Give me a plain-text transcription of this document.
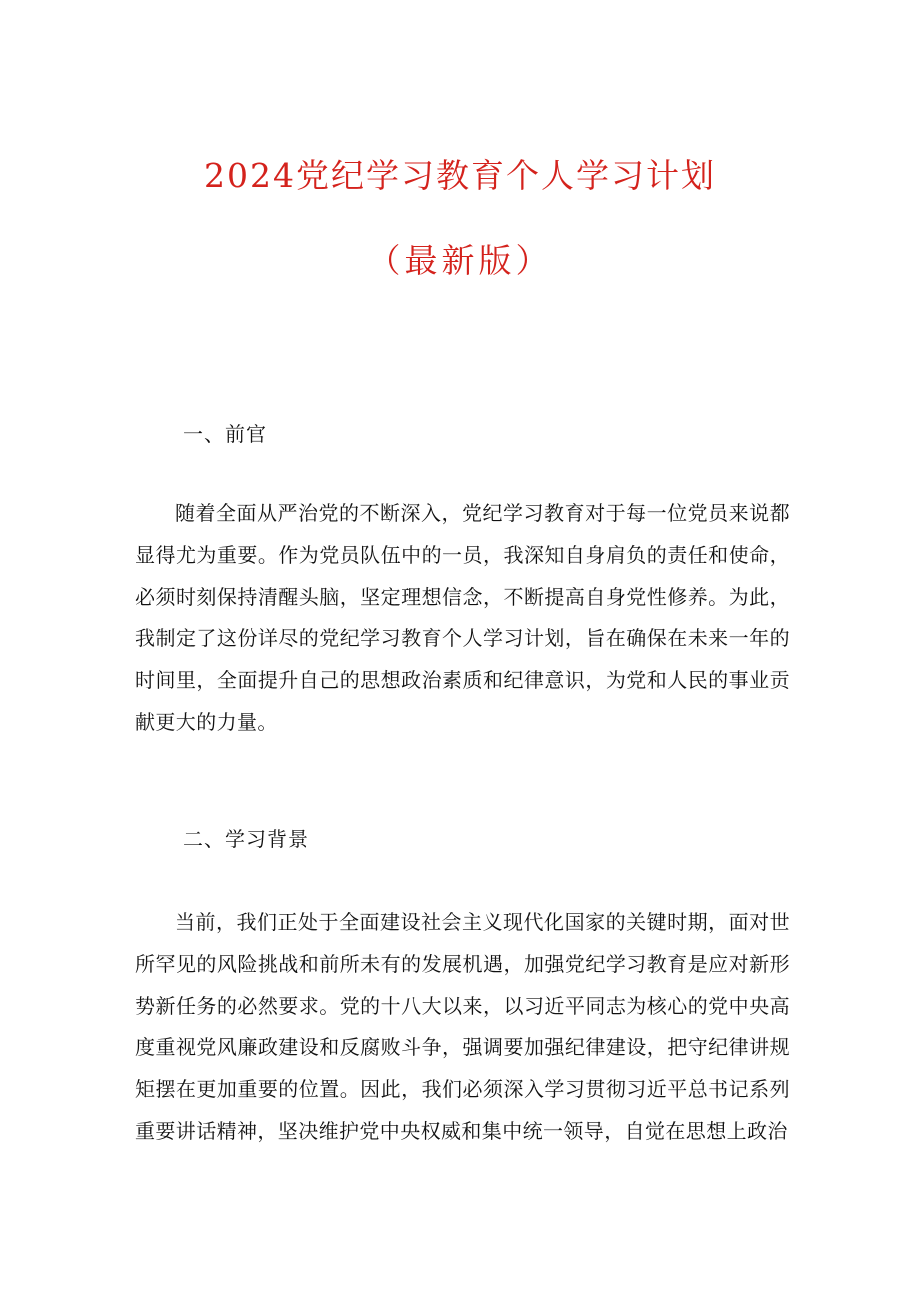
2024党纪学习教育个人学习计划
（最新版）
一、前官

随着全面从严治党的不断深入，党纪学习教育对于每一位党员来说都显得尤为重要。作为党员队伍中的一员，我深知自身肩负的责任和使命，必须时刻保持清醒头脑，坚定理想信念，不断提高自身党性修养。为此，我制定了这份详尽的党纪学习教育个人学习计划，旨在确保在未来一年的时间里，全面提升自己的思想政治素质和纪律意识，为党和人民的事业贡献更大的力量。

二、学习背景

当前，我们正处于全面建设社会主义现代化国家的关键时期，面对世所罕见的风险挑战和前所未有的发展机遇，加强党纪学习教育是应对新形势新任务的必然要求。党的十八大以来，以习近平同志为核心的党中央高度重视党风廉政建设和反腐败斗争，强调要加强纪律建设，把守纪律讲规矩摆在更加重要的位置。因此，我们必须深入学习贯彻习近平总书记系列重要讲话精神，坚决维护党中央权威和集中统一领导，自觉在思想上政治
